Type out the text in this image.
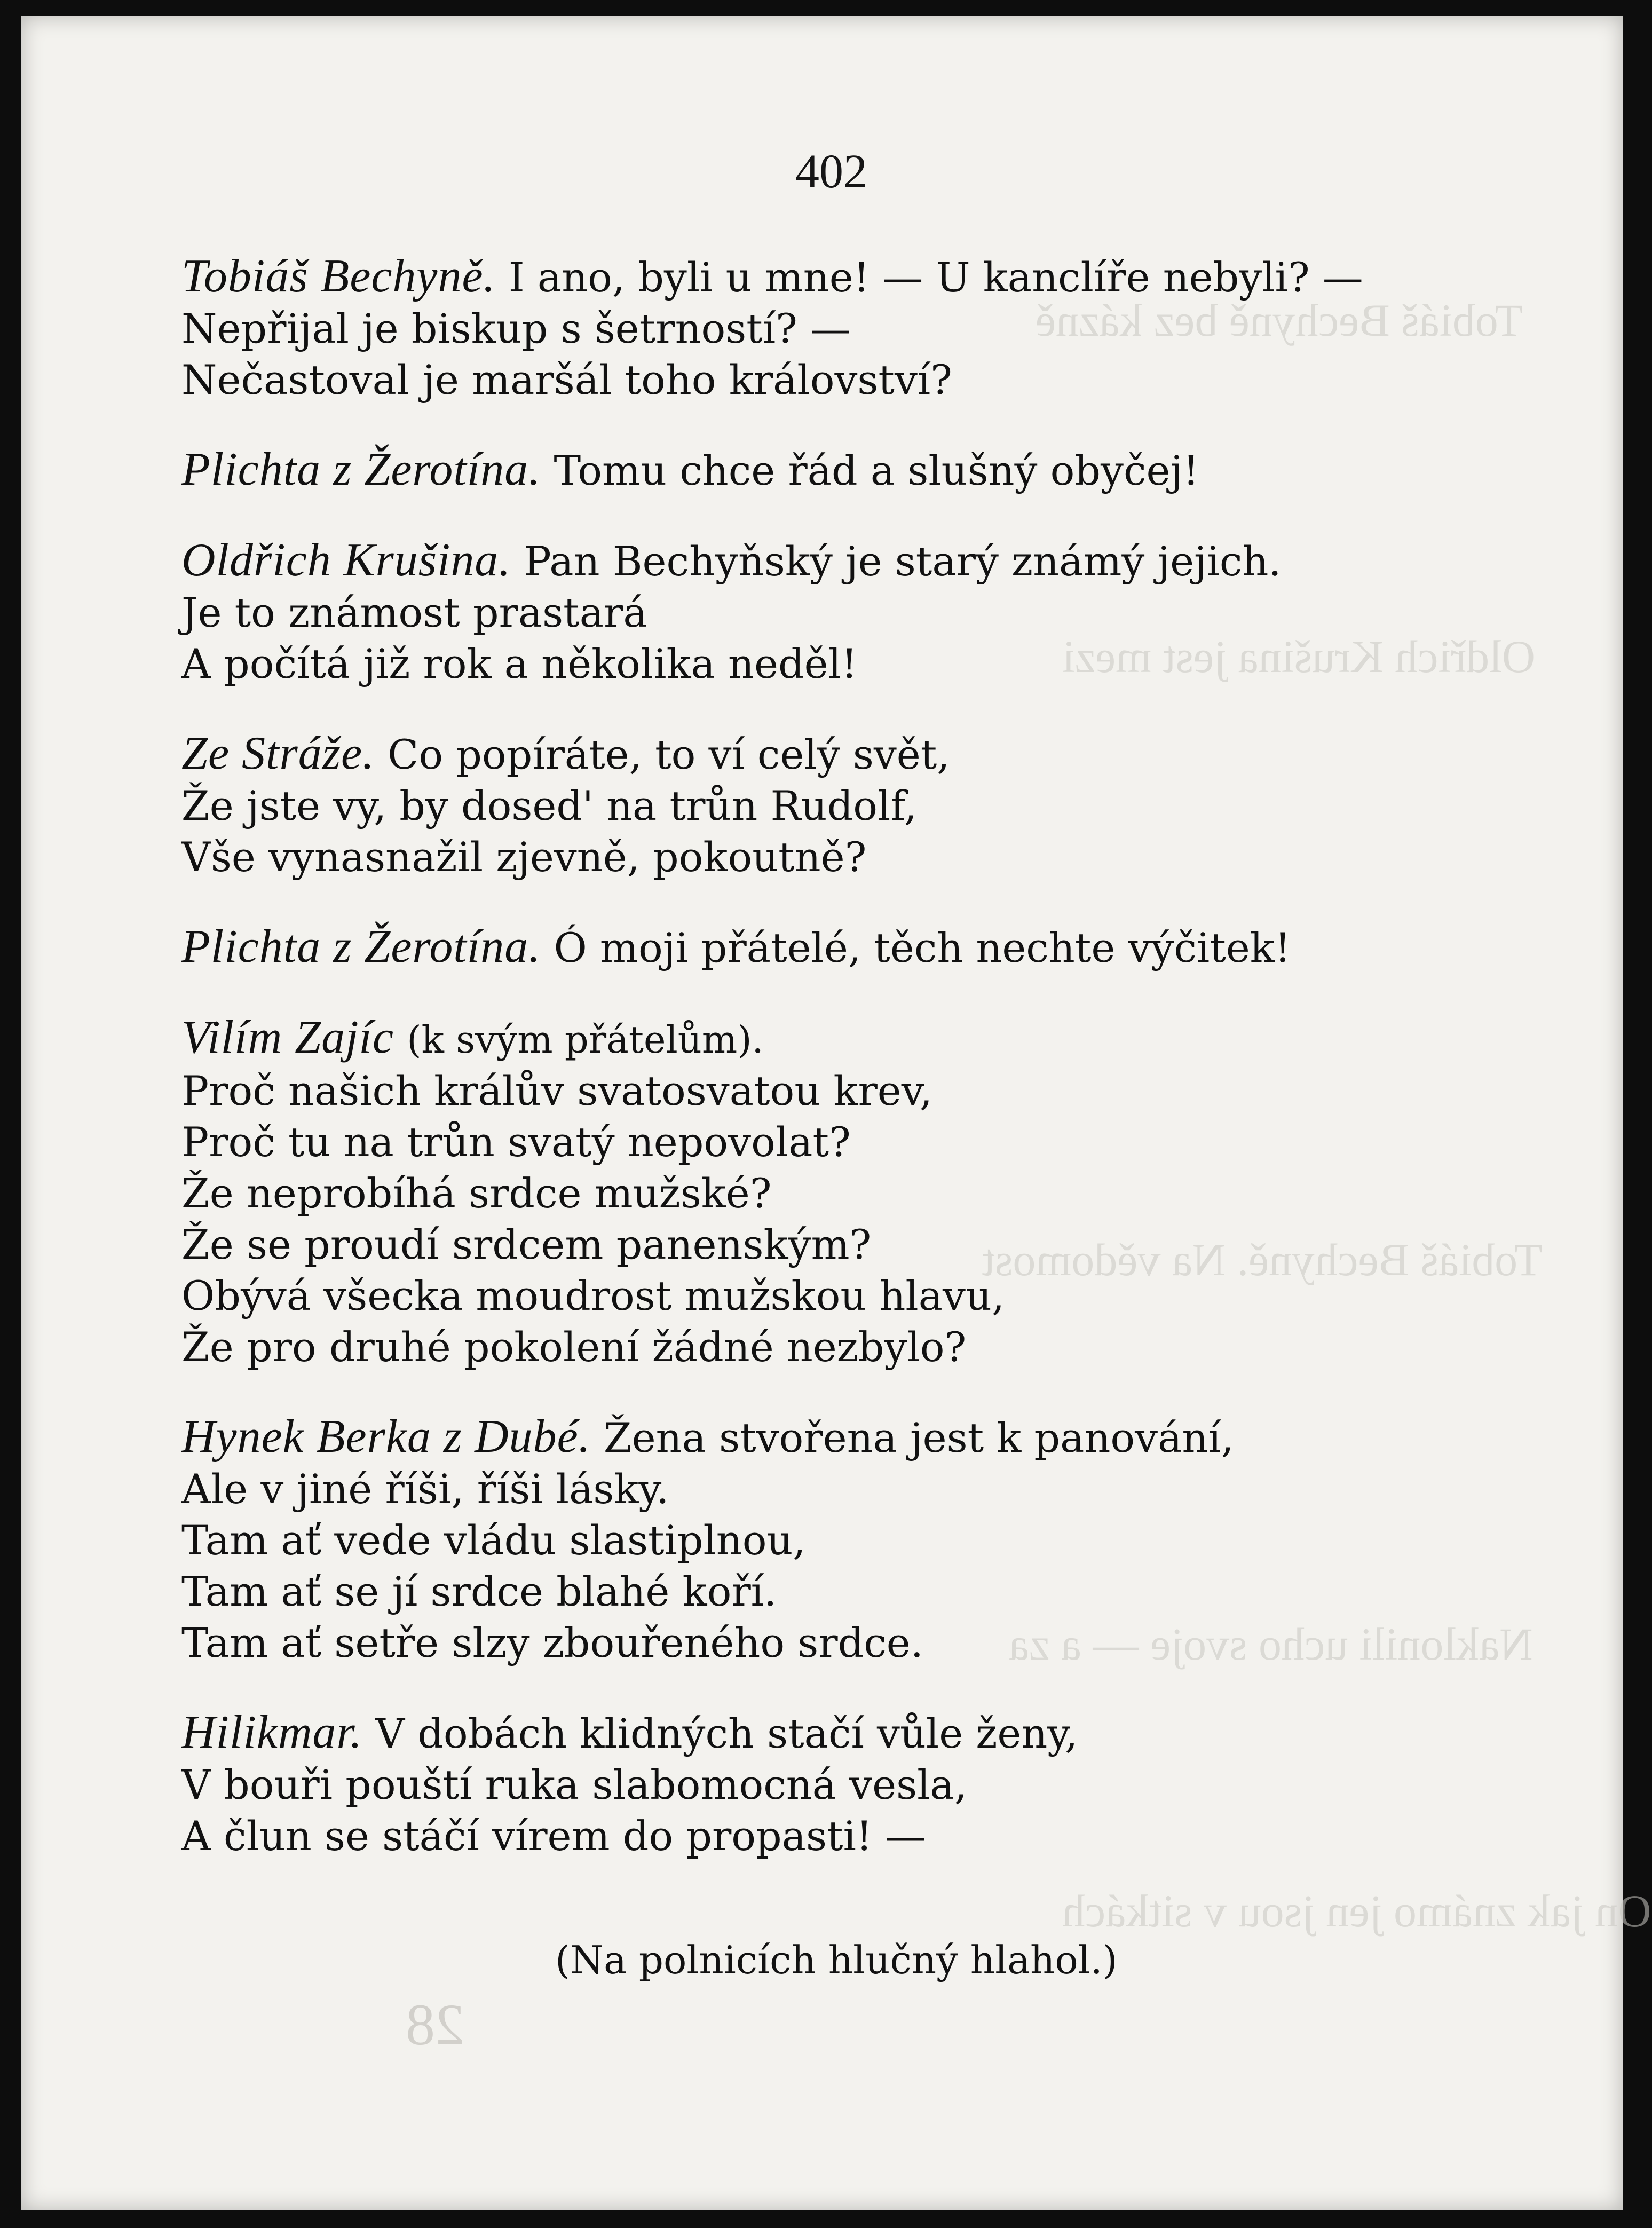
Tobiáš Bechyně bez kázně
Oldřich Krušina jest mezi
Tobiáš Bechyně. Na vědomost
Naklonili ucho svoje — a za
On jak známo jen jsou v sitkách
402
Tobiáš Bechyně. I ano, byli u mne! — U kanclíře nebyli? —
Nepřijal je biskup s šetrností? —
Nečastoval je maršál toho království?
Plichta z Žerotína. Tomu chce řád a slušný obyčej!
Oldřich Krušina. Pan Bechyňský je starý známý jejich.
Je to známost prastará
A počítá již rok a několika neděl!
Ze Stráže. Co popíráte, to ví celý svět,
Že jste vy, by dosed' na trůn Rudolf,
Vše vynasnažil zjevně, pokoutně?
Plichta z Žerotína. Ó moji přátelé, těch nechte výčitek!
Vilím Zajíc (k svým přátelům).
Proč našich králův svatosvatou krev,
Proč tu na trůn svatý nepovolat?
Že neprobíhá srdce mužské?
Že se proudí srdcem panenským?
Obývá všecka moudrost mužskou hlavu,
Že pro druhé pokolení žádné nezbylo?
Hynek Berka z Dubé. Žena stvořena jest k panování,
Ale v jiné říši, říši lásky.
Tam ať vede vládu slastiplnou,
Tam ať se jí srdce blahé koří.
Tam ať setře slzy zbouřeného srdce.
Hilikmar. V dobách klidných stačí vůle ženy,
V bouři pouští ruka slabomocná vesla,
A člun se stáčí vírem do propasti! —
(Na polnicích hlučný hlahol.)
28
